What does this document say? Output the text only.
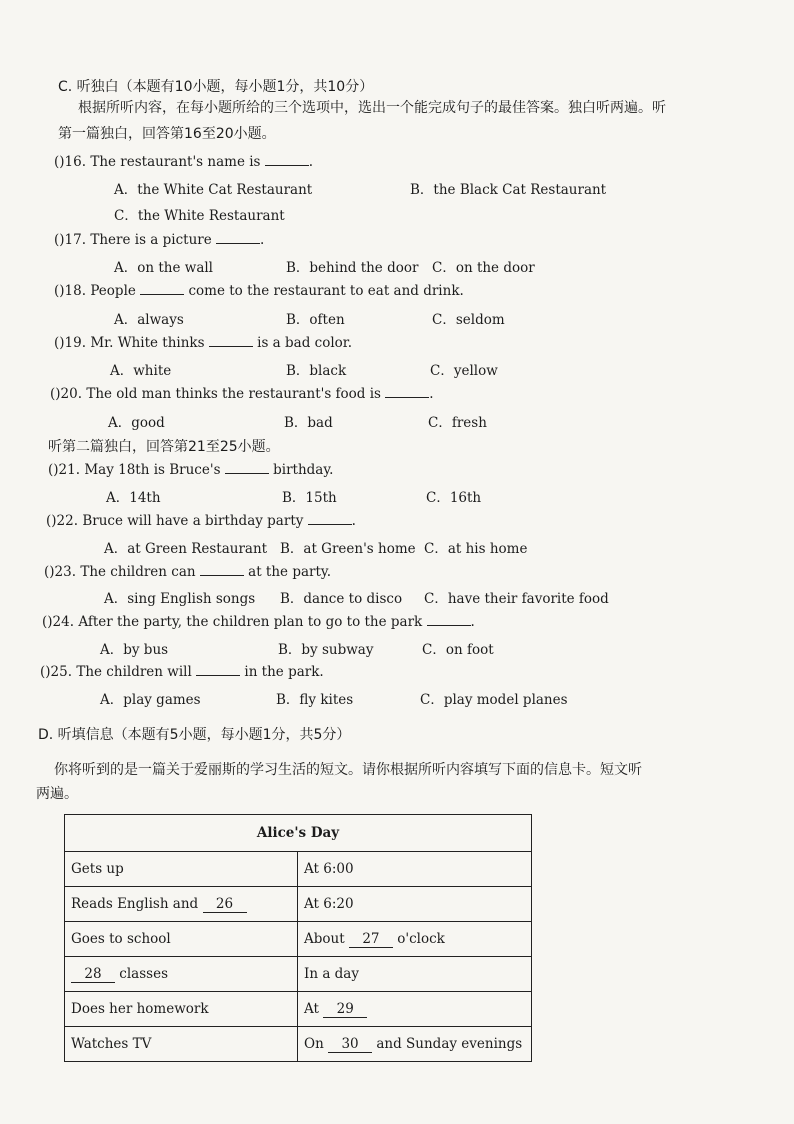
C. 听独白（本题有10小题，每小题1分，共10分）
根据所听内容，在每小题所给的三个选项中，选出一个能完成句子的最佳答案。独白听两遍。听
第一篇独白，回答第16至20小题。
()16. The restaurant's name is	.
A．the White Cat Restaurant	B．the Black Cat Restaurant
C．the White Restaurant
()17. There is a picture	.
A．on the wall	B．behind the door C．on the door
()18. People	come to the restaurant to eat and drink.
A．always	B．often	C．seldom
()19. Mr. White thinks	is a bad color.
A．white	B．black	C．yellow
()20. The old man thinks the restaurant's food is	.
A．good	B．bad	C．fresh
听第二篇独白，回答第21至25小题。
()21. May 18th is Bruce's	birthday.
A．14th	B．15th	C．16th
()22. Bruce will have a birthday party	.
A．at Green Restaurant B．at Green's home C．at his home
()23. The children can	at the party.
A．sing English songs B．dance to disco C．have their favorite food
()24. After the party, the children plan to go to the park	.
A．by bus	B．by subway	C．on foot
()25. The children will	in the park.
A．play games	B．fly kites	C．play model planes
D. 听填信息（本题有5小题，每小题1分，共5分）
你将听到的是一篇关于爱丽斯的学习生活的短文。请你根据所听内容填写下面的信息卡。短文听
两遍。
Alice's Day	
Gets up	At 6:00
Reads English and 26	At 6:20
Goes to school	About 27 o'clock
28 classes	In a day
Does her homework	At 29
Watches TV	On 30 and Sunday evenings
